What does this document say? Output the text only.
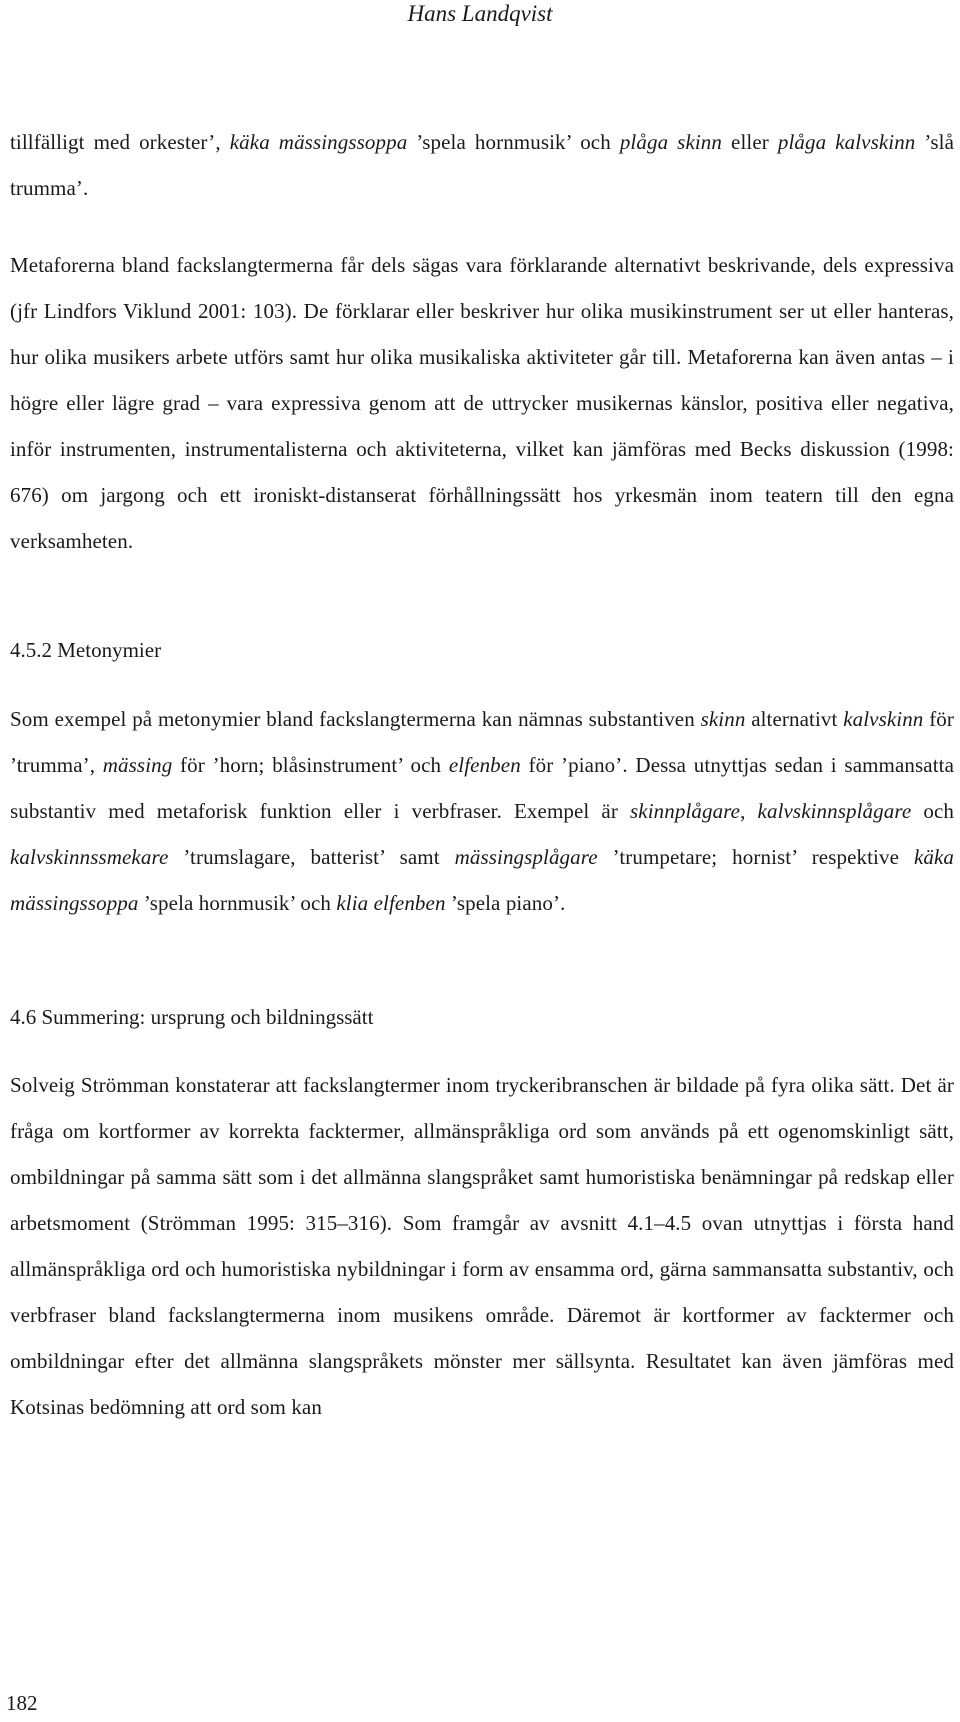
Hans Landqvist

tillfälligt med orkester’, käka mässingssoppa ’spela hornmusik’ och plåga skinn eller plåga kalvskinn ’slå trumma’.

Metaforerna bland fackslangtermerna får dels sägas vara förklarande alternativt beskrivande, dels expressiva (jfr Lindfors Viklund 2001: 103). De förklarar eller beskriver hur olika musikinstrument ser ut eller hanteras, hur olika musikers arbete utförs samt hur olika musikaliska aktiviteter går till. Metaforerna kan även antas – i högre eller lägre grad – vara expressiva genom att de uttrycker musikernas känslor, positiva eller negativa, inför instrumenten, instrumentalisterna och aktiviteterna, vilket kan jämföras med Becks diskussion (1998: 676) om jargong och ett ironiskt-distanserat förhållningssätt hos yrkesmän inom teatern till den egna verksamheten.

4.5.2 Metonymier

Som exempel på metonymier bland fackslangtermerna kan nämnas substantiven skinn alternativt kalvskinn för ’trumma’, mässing för ’horn; blåsinstrument’ och elfenben för ’piano’. Dessa utnyttjas sedan i sammansatta substantiv med metaforisk funktion eller i verbfraser. Exempel är skinnplågare, kalvskinnsplågare och kalvskinnssmekare ’trumslagare, batterist’ samt mässingsplågare ’trumpetare; hornist’ respektive käka mässingssoppa ’spela hornmusik’ och klia elfenben ’spela piano’.

4.6 Summering: ursprung och bildningssätt

Solveig Strömman konstaterar att fackslangtermer inom tryckeribranschen är bildade på fyra olika sätt. Det är fråga om kortformer av korrekta facktermer, allmänspråkliga ord som används på ett ogenomskinligt sätt, ombildningar på samma sätt som i det allmänna slangspråket samt humoristiska benämningar på redskap eller arbetsmoment (Strömman 1995: 315–316). Som framgår av avsnitt 4.1–4.5 ovan utnyttjas i första hand allmänspråkliga ord och humoristiska nybildningar i form av ensamma ord, gärna sammansatta substantiv, och verbfraser bland fackslangtermerna inom musikens område. Däremot är kortformer av facktermer och ombildningar efter det allmänna slangspråkets mönster mer sällsynta. Resultatet kan även jämföras med Kotsinas bedömning att ord som kan

182
